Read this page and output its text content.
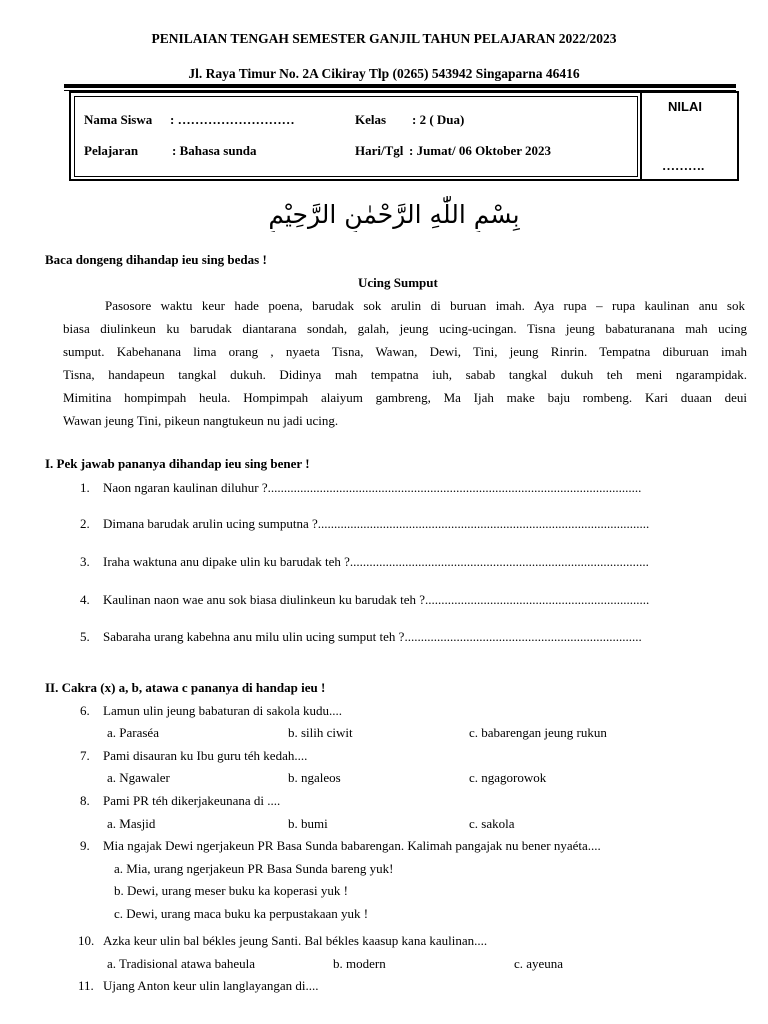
PENILAIAN TENGAH SEMESTER GANJIL TAHUN PELAJARAN 2022/2023
Jl. Raya Timur No. 2A Cikiray Tlp (0265) 543942 Singaparna 46416
Nama Siswa : ………………………	Kelas : 2 ( Dua)
Pelajaran	: Bahasa sunda	Hari/Tgl : Jumat/ 06 Oktober 2023
NILAI
……….
بِسْمِ اللّٰهِ الرَّحْمٰنِ الرَّحِيْمِ
Baca dongeng dihandap ieu sing bedas !
Ucing Sumput
Pasosore waktu keur hade poena, barudak sok arulin di buruan imah. Aya rupa – rupa kaulinan anu sok
biasa diulinkeun ku barudak diantarana sondah, galah, jeung ucing-ucingan. Tisna jeung babaturanana mah ucing
sumput. Kabehanana lima orang , nyaeta Tisna, Wawan, Dewi, Tini, jeung Rinrin. Tempatna diburuan imah
Tisna, handapeun tangkal dukuh. Didinya mah tempatna iuh, sabab tangkal dukuh teh meni ngarampidak.
Mimitina hompimpah heula. Hompimpah alaiyum gambreng, Ma Ijah make baju rombeng. Kari duaan deui
Wawan jeung Tini, pikeun nangtukeun nu jadi ucing.
I. Pek jawab pananya dihandap ieu sing bener !
1. Naon ngaran kaulinan diluhur ?...................................................................................................................
2. Dimana barudak arulin ucing sumputna ?......................................................................................................
3. Iraha waktuna anu dipake ulin ku barudak teh ?............................................................................................
4. Kaulinan naon wae anu sok biasa diulinkeun ku barudak teh ?.....................................................................
5. Sabaraha urang kabehna anu milu ulin ucing sumput teh ?.........................................................................
II. Cakra (x) a, b, atawa c pananya di handap ieu !
6. Lamun ulin jeung babaturan di sakola kudu....
a. Paraséa	b. silih ciwit	c. babarengan jeung rukun
7. Pami disauran ku Ibu guru téh kedah....
a. Ngawaler	b. ngaleos	c. ngagorowok
8. Pami PR téh dikerjakeunana di ....
a. Masjid	b. bumi	c. sakola
9. Mia ngajak Dewi ngerjakeun PR Basa Sunda babarengan. Kalimah pangajak nu bener nyaéta....
a. Mia, urang ngerjakeun PR Basa Sunda bareng yuk!
b. Dewi, urang meser buku ka koperasi yuk !
c. Dewi, urang maca buku ka perpustakaan yuk !
10. Azka keur ulin bal békles jeung Santi. Bal békles kaasup kana kaulinan....
a. Tradisional atawa baheula	b. modern	c. ayeuna
11. Ujang Anton keur ulin langlayangan di....
